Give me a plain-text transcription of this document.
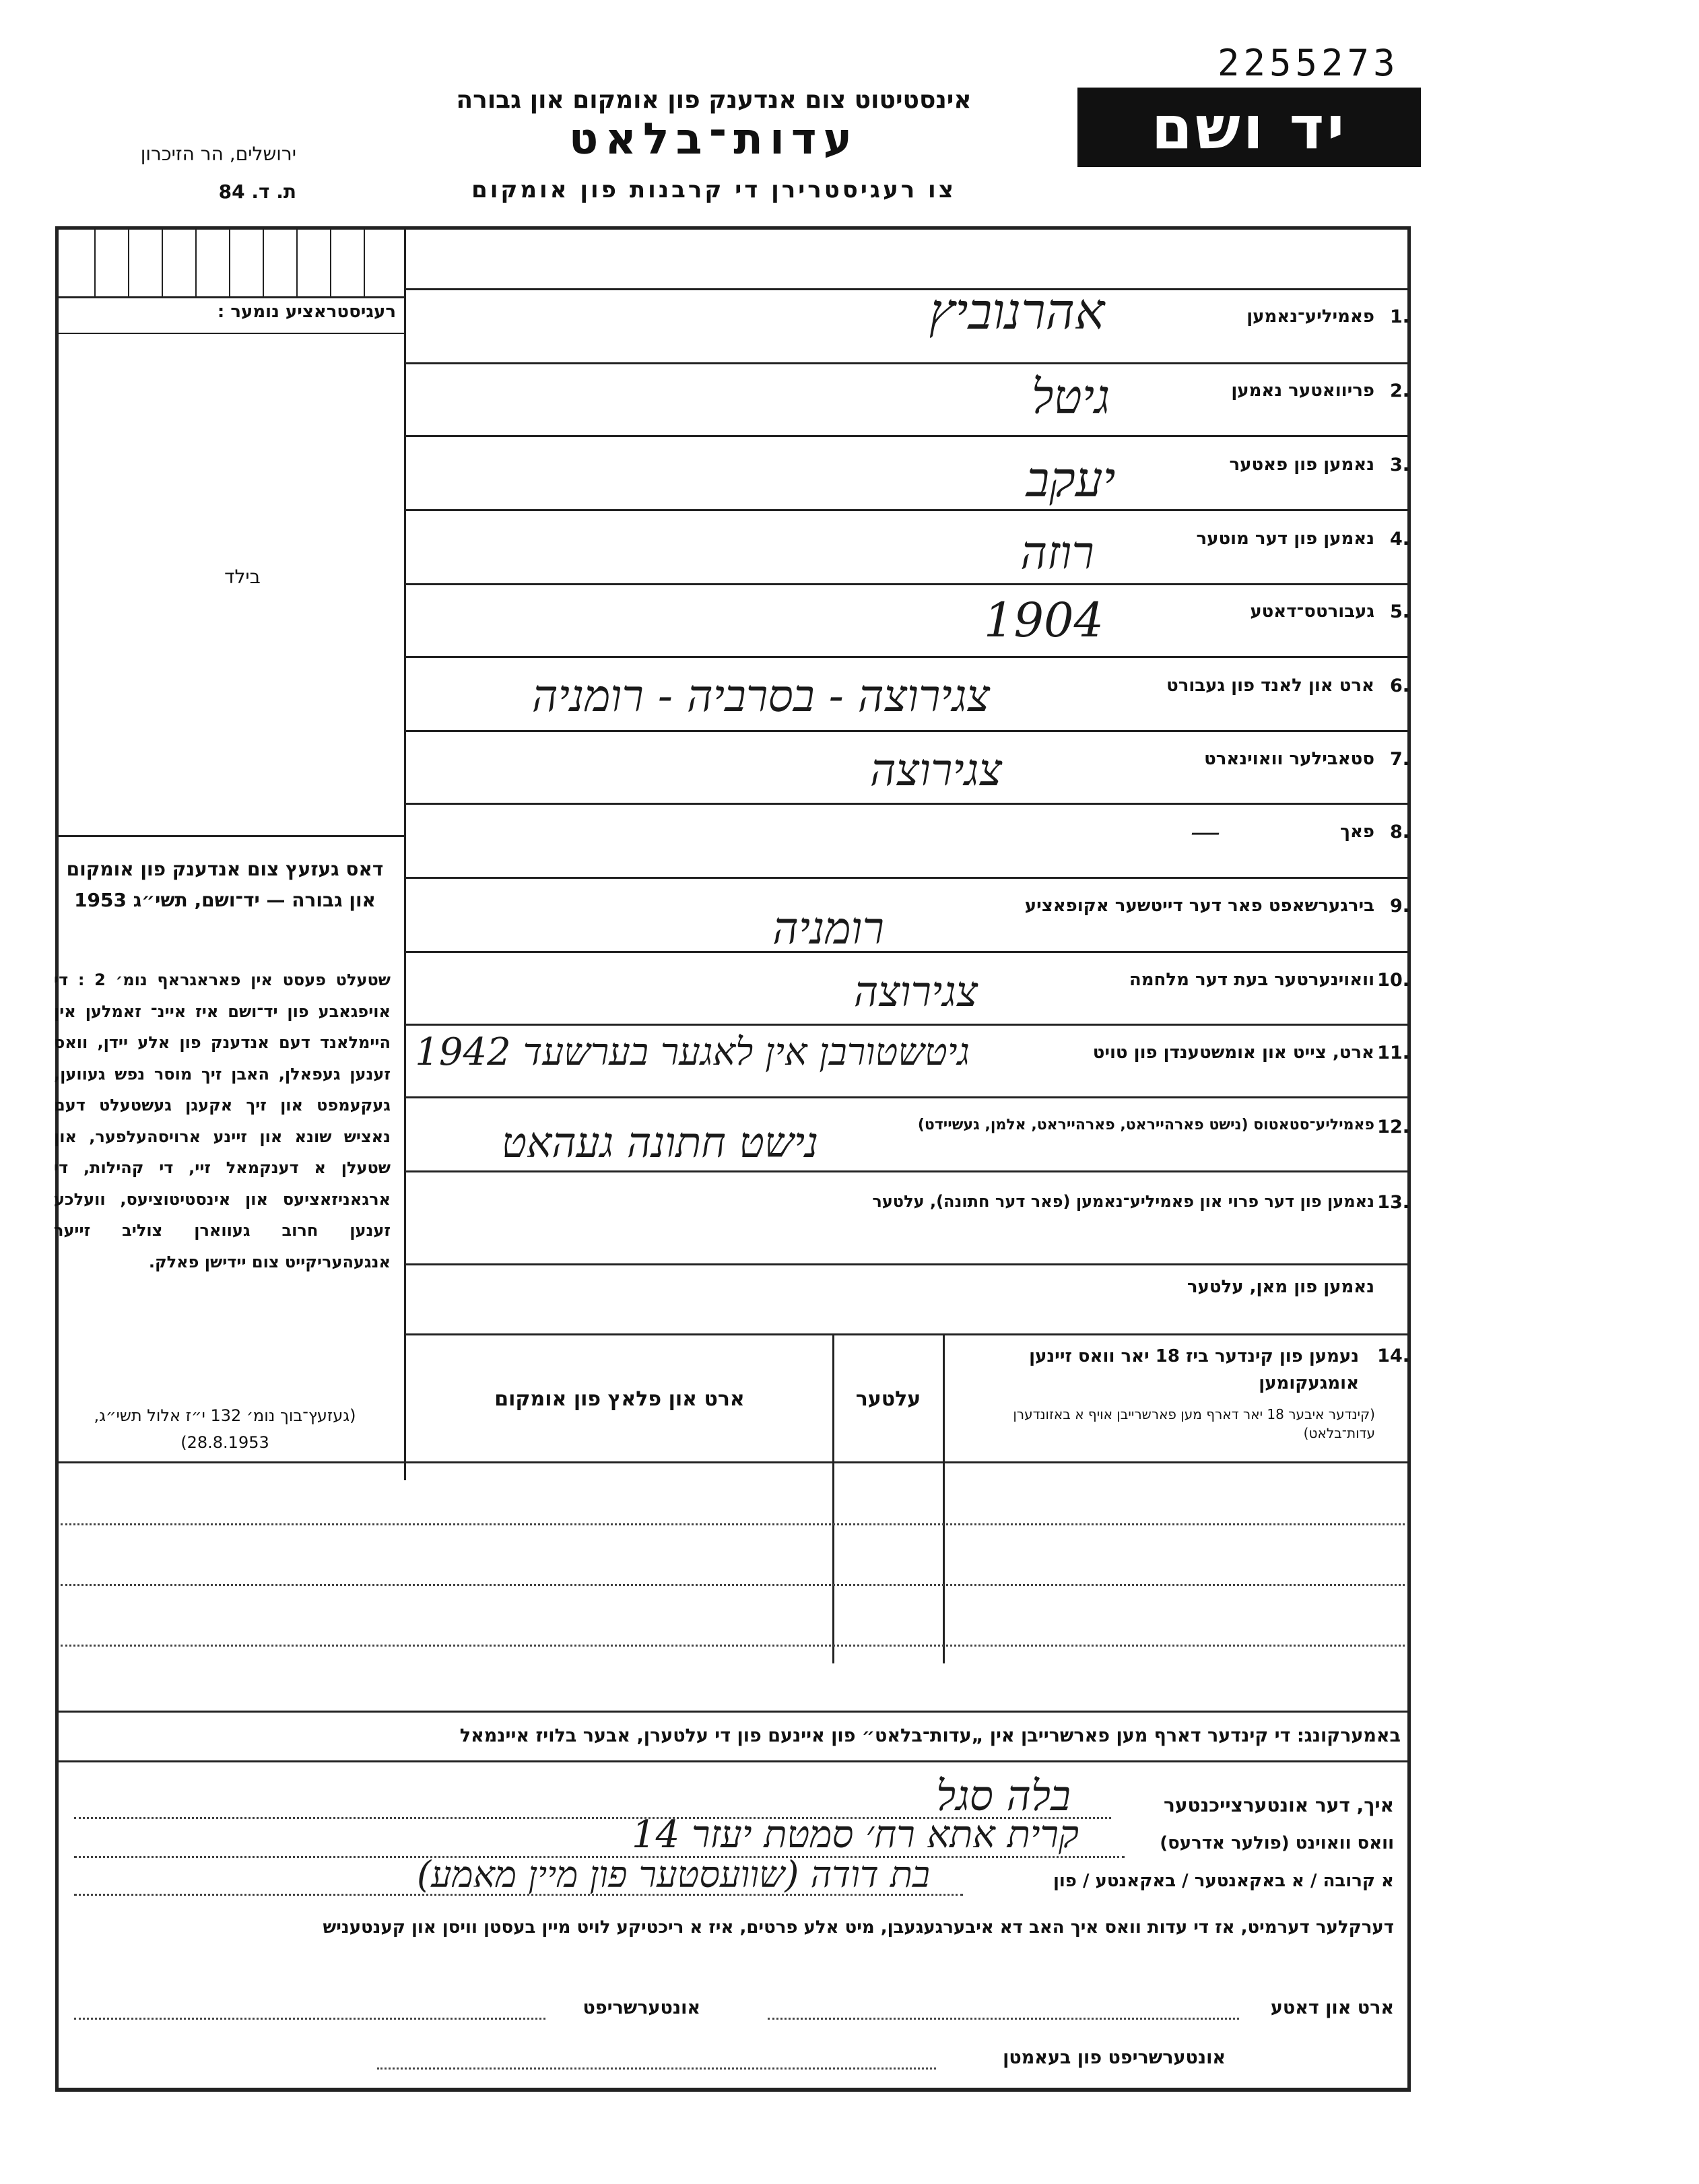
2255273
יד ושם
אינסטיטוט צום אנדענק פון אומקום און גבורה
עדות־בלאט
צו רעגיסטרירן די קרבנות פון אומקום
ירושלים, הר הזיכרון
ת. ד. 84
רעגיסטראציע נומער :
בילד
דאס געזעץ צום אנדענק פון אומקום און גבורה — יד־ושם, תשי״ג 1953
שטעלט פעסט אין פאראגראף נומ׳ 2 : די אויפגאבע פון יד־ושם איז איינ־ זאמלען אין היימלאנד דעם אנדענק פון אלע יידן, וואס זענען געפאלן, האבן זיך מוסר נפש געווען, געקעמפט און זיך אקעגן געשטעלט דעם נאציש שונא און זיינע ארויסהעלפער, און שטעלן א דענקמאל זיי, די קהילות, די ארגאניזאציעס און אינסטיטוציעס, וועלכע זענען חרוב געווארן צוליב זייער אנגעהעריקייט צום יידישן פאלק.
(געזעץ־בוך נומ׳ 132 י״ז אלול תשי״ג, 28.8.1953)
1.
פאמיליע־נאמען
אהרנוביץ
2.
פריוואטער נאמען
גיטל
3.
נאמען פון פאטער
יעקב
4.
נאמען פון דער מוטער
רוזה
5.
געבורטס־דאטע
1904
6.
ארט און לאנד פון געבורט
צגירוצה - בסרביה - רומניה
7.
סטאבילער וואוינארט
צגירוצה
8.
פאך
—
9.
בירגערשאפט פאר דער דייטשער אקופאציע
רומניה
10.
וואוינערטער בעת דער מלחמה
צגירוצה
11.
ארט, צייט און אומשטענדן פון טויט
גיטשטורבן אין לאגער בערשעד 1942
12.
פאמיליע־סטאטוס (נישט פארהייראט, פארהייראט, אלמן, געשיידט)
נישט חתונה געהאט
13.
נאמען פון דער פרוי און פאמיליע־נאמען (פאר דער חתונה), עלטער
נאמען פון מאן, עלטער
14.
נעמען פון קינדער ביז 18 יאר וואס זיינען אומגעקומען
(קינדער איבער 18 יאר דארף מען פארשרייבן אויף א באזונדערן עדות־בלאט)
עלטער
ארט און פלאץ פון אומקום
באמערקונג: די קינדער דארף מען פארשרייבן אין „עדות־בלאט״ פון איינעם פון די עלטערן, אבער בלויז איינמאל
איך, דער אונטערצייכנטער
בלה סגל
וואס וואוינט (פולער אדרעס)
קרית אתא רח׳ סמטת יעזר 14
א קרובה / א באקאנטער / באקאנטע / פון
בת דודה (שוועסטער פון מיין מאמע)
דערקלער דערמיט, אז די עדות וואס איך האב דא איבערגעגעבן, מיט אלע פרטים, איז א ריכטיקע לויט מיין בעסטן וויסן און קענטעניש
ארט און דאטע
אונטערשריפט
אונטערשריפט פון בעאמטן
